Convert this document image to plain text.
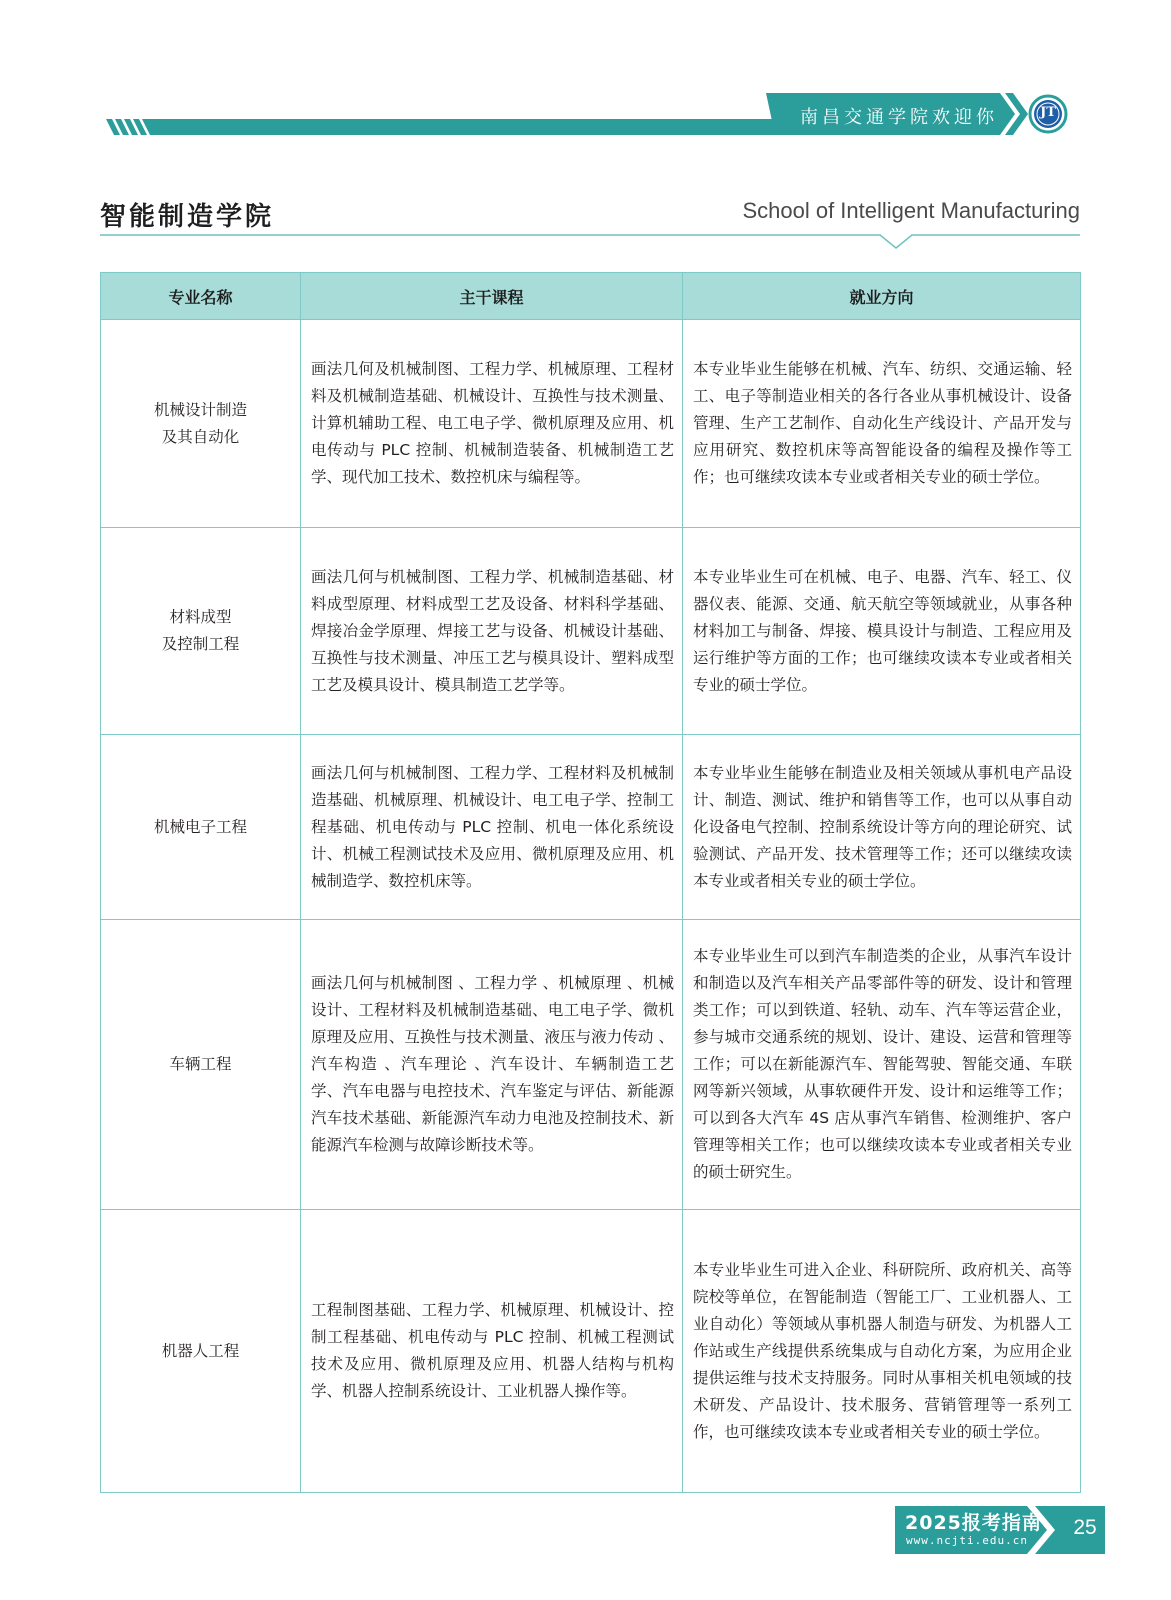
南昌交通学院欢迎你	JT
智能制造学院	School of Intelligent Manufacturing
专业名称	主干课程	就业方向
机械设计制造
及其自动化	画法几何及机械制图、工程力学、机械原理、工程材料及机械制造基础、机械设计、互换性与技术测量、计算机辅助工程、电工电子学、微机原理及应用、机电传动与 PLC 控制、机械制造装备、机械制造工艺学、现代加工技术、数控机床与编程等。	本专业毕业生能够在机械、汽车、纺织、交通运输、轻工、电子等制造业相关的各行各业从事机械设计、设备管理、生产工艺制作、自动化生产线设计、产品开发与应用研究、数控机床等高智能设备的编程及操作等工作；也可继续攻读本专业或者相关专业的硕士学位。
材料成型
及控制工程	画法几何与机械制图、工程力学、机械制造基础、材料成型原理、材料成型工艺及设备、材料科学基础、焊接冶金学原理、焊接工艺与设备、机械设计基础、互换性与技术测量、冲压工艺与模具设计、塑料成型工艺及模具设计、模具制造工艺学等。	本专业毕业生可在机械、电子、电器、汽车、轻工、仪器仪表、能源、交通、航天航空等领域就业，从事各种材料加工与制备、焊接、模具设计与制造、工程应用及运行维护等方面的工作；也可继续攻读本专业或者相关专业的硕士学位。
机械电子工程	画法几何与机械制图、工程力学、工程材料及机械制造基础、机械原理、机械设计、电工电子学、控制工程基础、机电传动与 PLC 控制、机电一体化系统设计、机械工程测试技术及应用、微机原理及应用、机械制造学、数控机床等。	本专业毕业生能够在制造业及相关领域从事机电产品设计、制造、测试、维护和销售等工作，也可以从事自动化设备电气控制、控制系统设计等方向的理论研究、试验测试、产品开发、技术管理等工作；还可以继续攻读本专业或者相关专业的硕士学位。
车辆工程	画法几何与机械制图 、工程力学 、机械原理 、机械设计、工程材料及机械制造基础、电工电子学、微机原理及应用、互换性与技术测量、液压与液力传动 、汽车构造 、汽车理论 、汽车设计、车辆制造工艺学、汽车电器与电控技术、汽车鉴定与评估、新能源汽车技术基础、新能源汽车动力电池及控制技术、新能源汽车检测与故障诊断技术等。	本专业毕业生可以到汽车制造类的企业，从事汽车设计和制造以及汽车相关产品零部件等的研发、设计和管理类工作；可以到铁道、轻轨、动车、汽车等运营企业，参与城市交通系统的规划、设计、建设、运营和管理等工作；可以在新能源汽车、智能驾驶、智能交通、车联网等新兴领域，从事软硬件开发、设计和运维等工作；可以到各大汽车 4S 店从事汽车销售、检测维护、客户管理等相关工作；也可以继续攻读本专业或者相关专业的硕士研究生。
机器人工程	工程制图基础、工程力学、机械原理、机械设计、控制工程基础、机电传动与 PLC 控制、机械工程测试技术及应用、微机原理及应用、机器人结构与机构学、机器人控制系统设计、工业机器人操作等。	本专业毕业生可进入企业、科研院所、政府机关、高等院校等单位，在智能制造（智能工厂、工业机器人、工业自动化）等领域从事机器人制造与研发、为机器人工作站或生产线提供系统集成与自动化方案，为应用企业提供运维与技术支持服务。同时从事相关机电领域的技术研发、产品设计、技术服务、营销管理等一系列工作，也可继续攻读本专业或者相关专业的硕士学位。
2025报考指南
www.ncjti.edu.cn
25
